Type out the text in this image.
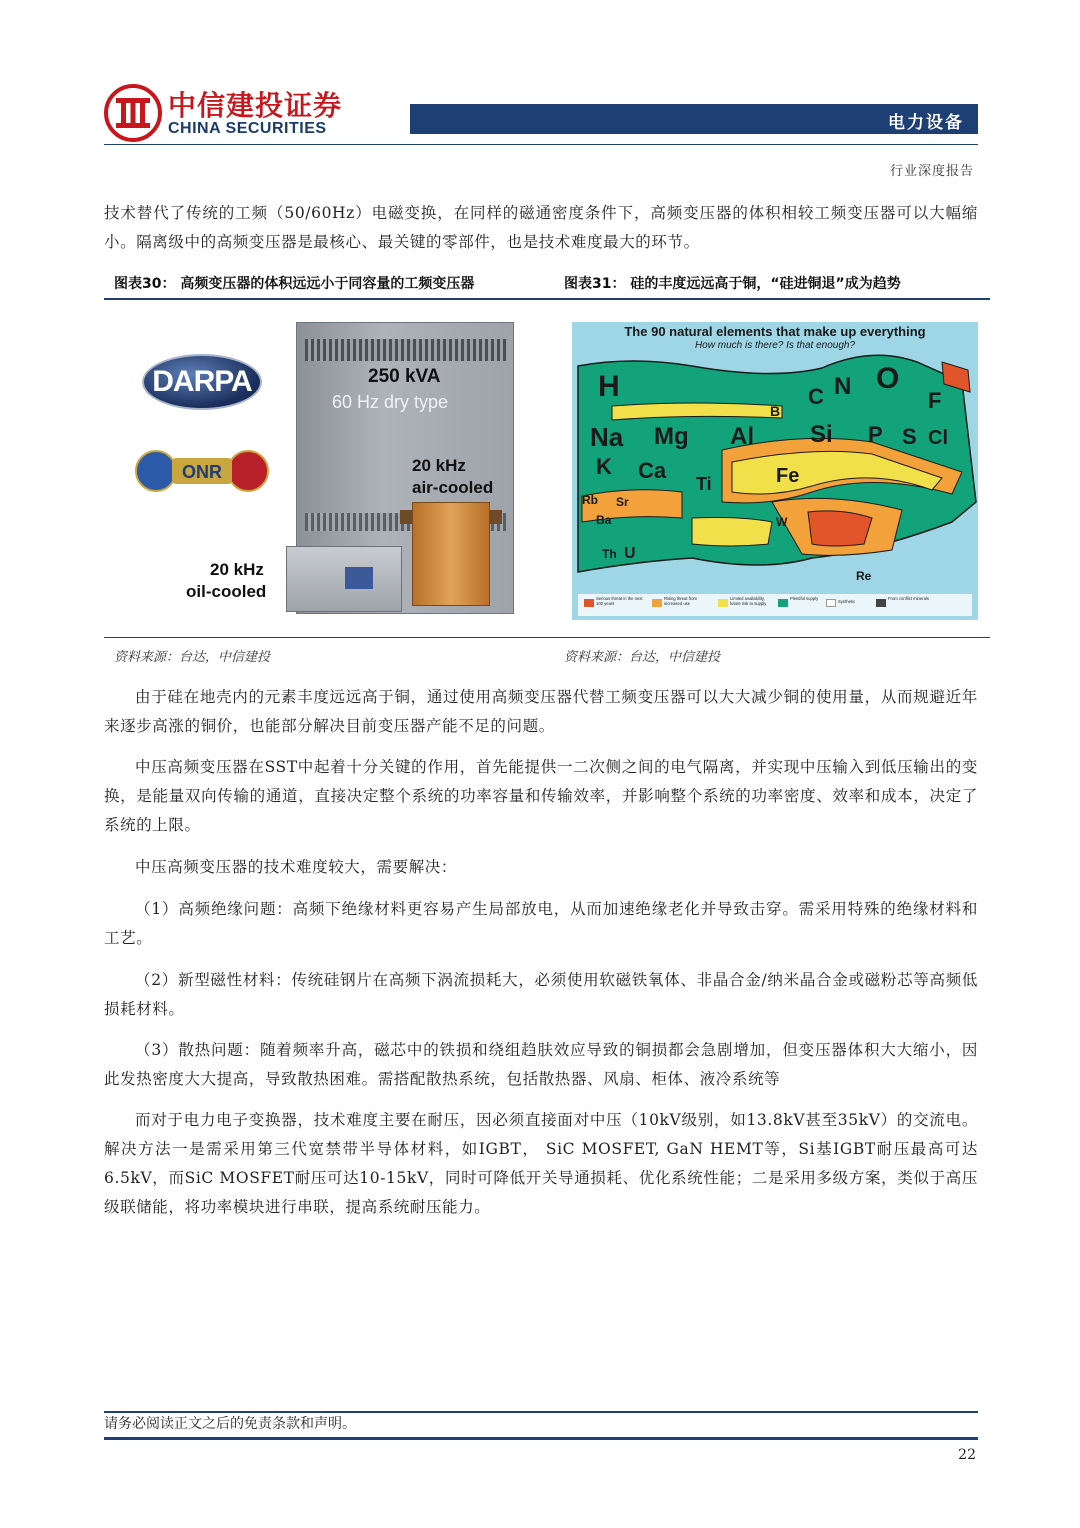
中信建投证券
CHINA SECURITIES	电力设备
行业深度报告

技术替代了传统的工频（50/60Hz）电磁变换，在同样的磁通密度条件下，高频变压器的体积相较工频变压器可以大幅缩小。隔离级中的高频变压器是最核心、最关键的零部件，也是技术难度最大的环节。

图表30： 高频变压器的体积远远小于同容量的工频变压器	图表31： 硅的丰度远远高于铜，“硅进铜退”成为趋势
DARPA
ONR
250 kVA
60 Hz dry type
20 kHz
air-cooled
20 kHz
oil-cooled
The 90 natural elements that make up everything
How much is there? Is that enough?
H	C N O
F
Na Mg Al Si P S Cl
K Ca
Ti	Fe
U
W
Re
Rb Sr
Ba
Th
B
Serious threat in the next 100 years
Rising threat from increased use
Limited availability, future risk to supply
Plentiful supply
Synthetic
From conflict minerals
资料来源：台达，中信建投	资料来源：台达，中信建投

由于硅在地壳内的元素丰度远远高于铜，通过使用高频变压器代替工频变压器可以大大减少铜的使用量，从而规避近年来逐步高涨的铜价，也能部分解决目前变压器产能不足的问题。

中压高频变压器在SST中起着十分关键的作用，首先能提供一二次侧之间的电气隔离，并实现中压输入到低压输出的变换，是能量双向传输的通道，直接决定整个系统的功率容量和传输效率，并影响整个系统的功率密度、效率和成本，决定了系统的上限。

中压高频变压器的技术难度较大，需要解决：

（1）高频绝缘问题：高频下绝缘材料更容易产生局部放电，从而加速绝缘老化并导致击穿。需采用特殊的绝缘材料和工艺。

（2）新型磁性材料：传统硅钢片在高频下涡流损耗大，必须使用软磁铁氧体、非晶合金/纳米晶合金或磁粉芯等高频低损耗材料。

（3）散热问题：随着频率升高，磁芯中的铁损和绕组趋肤效应导致的铜损都会急剧增加，但变压器体积大大缩小，因此发热密度大大提高，导致散热困难。需搭配散热系统，包括散热器、风扇、柜体、液冷系统等

而对于电力电子变换器，技术难度主要在耐压，因必须直接面对中压（10kV级别，如13.8kV甚至35kV）的交流电。解决方法一是需采用第三代宽禁带半导体材料，如IGBT， SiC MOSFET, GaN HEMT等，Si基IGBT耐压最高可达6.5kV，而SiC MOSFET耐压可达10-15kV，同时可降低开关导通损耗、优化系统性能；二是采用多级方案，类似于高压级联储能，将功率模块进行串联，提高系统耐压能力。

请务必阅读正文之后的免责条款和声明。
22
